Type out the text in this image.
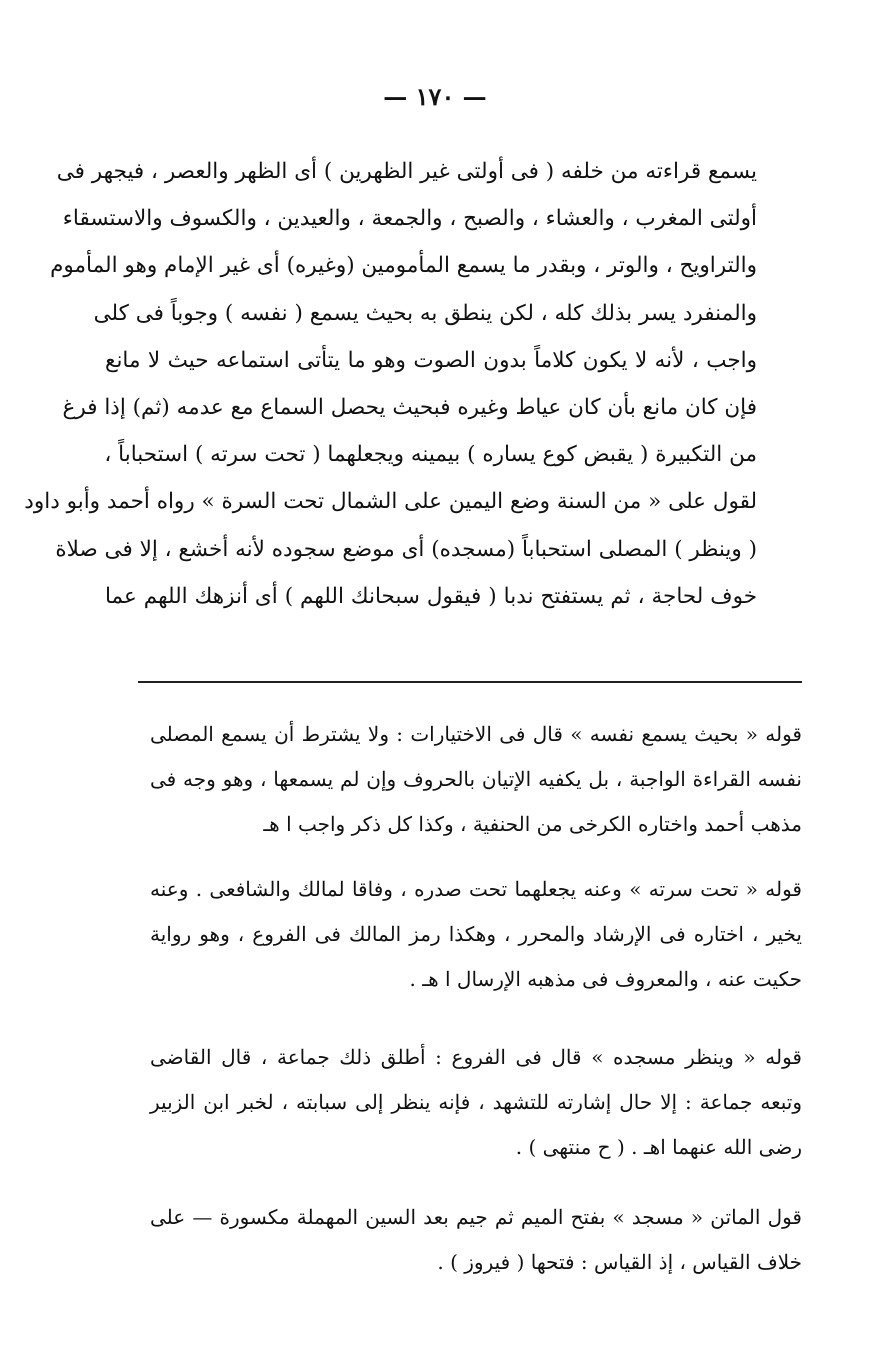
— ١٧٠ —
يسمع قراءته من خلفه ( فى أولتى غير الظهرين ) أى الظهر والعصر ، فيجهر فى
أولتى المغرب ، والعشاء ، والصبح ، والجمعة ، والعيدين ، والكسوف والاستسقاء
والتراويح ، والوتر ، وبقدر ما يسمع المأمومين (وغيره) أى غير الإمام وهو المأموم
والمنفرد يسر بذلك كله ، لكن ينطق به بحيث يسمع ( نفسه ) وجوباً فى كلى
واجب ، لأنه لا يكون كلاماً بدون الصوت وهو ما يتأتى استماعه حيث لا مانع
فإن كان مانع بأن كان عياط وغيره فبحيث يحصل السماع مع عدمه (ثم) إذا فرغ
من التكبيرة ( يقبض كوع يساره ) بيمينه ويجعلهما ( تحت سرته ) استحباباً ،
لقول على « من السنة وضع اليمين على الشمال تحت السرة » رواه أحمد وأبو داود
( وينظر ) المصلى استحباباً (مسجده) أى موضع سجوده لأنه أخشع ، إلا فى صلاة
خوف لحاجة ، ثم يستفتح ندبا ( فيقول سبحانك اللهم ) أى أنزهك اللهم عما
قوله « بحيث يسمع نفسه » قال فى الاختيارات : ولا يشترط أن يسمع المصلى
نفسه القراءة الواجبة ، بل يكفيه الإتيان بالحروف وإن لم يسمعها ، وهو وجه فى
مذهب أحمد واختاره الكرخى من الحنفية ، وكذا كل ذكر واجب ا هـ
قوله « تحت سرته » وعنه يجعلهما تحت صدره ، وفاقا لمالك والشافعى . وعنه
يخير ، اختاره فى الإرشاد والمحرر ، وهكذا رمز المالك فى الفروع ، وهو رواية
حكيت عنه ، والمعروف فى مذهبه الإرسال ا هـ .
قوله « وينظر مسجده » قال فى الفروع : أطلق ذلك جماعة ، قال القاضى
وتبعه جماعة : إلا حال إشارته للتشهد ، فإنه ينظر إلى سبابته ، لخبر ابن الزبير
رضى الله عنهما اهـ . ( ح منتهى ) .
قول الماتن « مسجد » بفتح الميم ثم جيم بعد السين المهملة مكسورة — على
خلاف القياس ، إذ القياس : فتحها ( فيروز ) .
